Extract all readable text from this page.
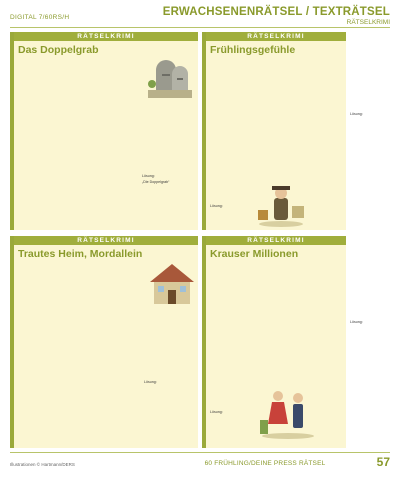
DIGITAL 7/60RS/H	ERWACHSENENRÄTSEL / TEXTRÄTSEL
RÄTSELKRIMI
RÄTSELKRIMI
Das Doppelgrab
Lösung:
„Die Doppelgrab“
RÄTSELKRIMI
Frühlingsgefühle
Lösung:
Lösung:
RÄTSELKRIMI
Trautes Heim, Mordallein
Lösung:
RÄTSELKRIMI
Krauser Millionen
Lösung:
Lösung:
Illustrationen © Hartmann/DERS	60 FRÜHLING/DEINE PRESS RÄTSEL	57
